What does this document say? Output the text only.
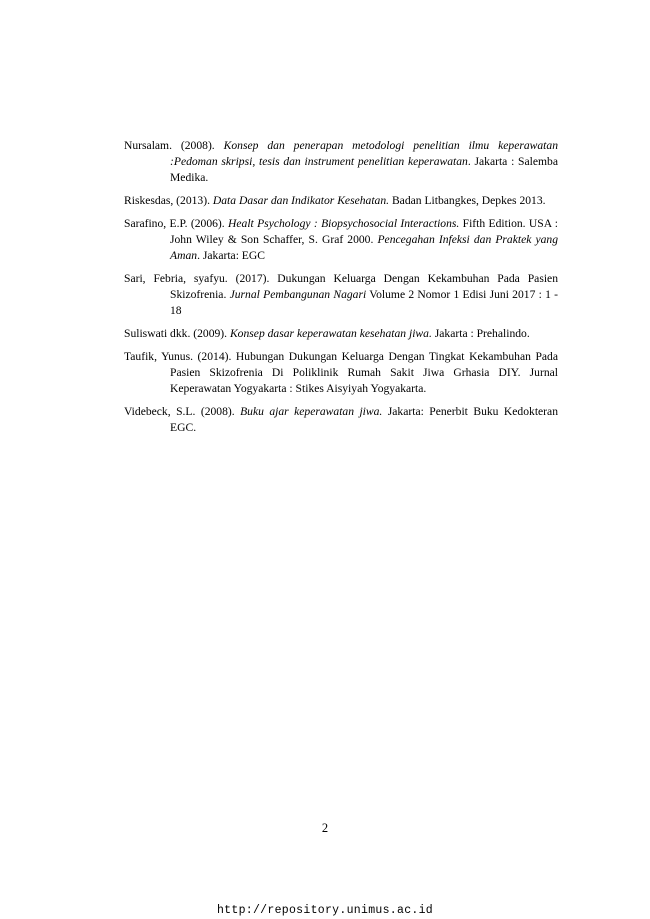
Nursalam. (2008). Konsep dan penerapan metodologi penelitian ilmu keperawatan :Pedoman skripsi, tesis dan instrument penelitian keperawatan. Jakarta : Salemba Medika.

Riskesdas, (2013). Data Dasar dan Indikator Kesehatan. Badan Litbangkes, Depkes 2013.

Sarafino, E.P. (2006). Healt Psychology : Biopsychosocial Interactions. Fifth Edition. USA : John Wiley & Son Schaffer, S. Graf 2000. Pencegahan Infeksi dan Praktek yang Aman. Jakarta: EGC

Sari, Febria, syafyu. (2017). Dukungan Keluarga Dengan Kekambuhan Pada Pasien Skizofrenia. Jurnal Pembangunan Nagari Volume 2 Nomor 1 Edisi Juni 2017 : 1 - 18

Suliswati dkk. (2009). Konsep dasar keperawatan kesehatan jiwa. Jakarta : Prehalindo.

Taufik, Yunus. (2014). Hubungan Dukungan Keluarga Dengan Tingkat Kekambuhan Pada Pasien Skizofrenia Di Poliklinik Rumah Sakit Jiwa Grhasia DIY. Jurnal Keperawatan Yogyakarta : Stikes Aisyiyah Yogyakarta.

Videbeck, S.L. (2008). Buku ajar keperawatan jiwa. Jakarta: Penerbit Buku Kedokteran EGC.

2
http://repository.unimus.ac.id
